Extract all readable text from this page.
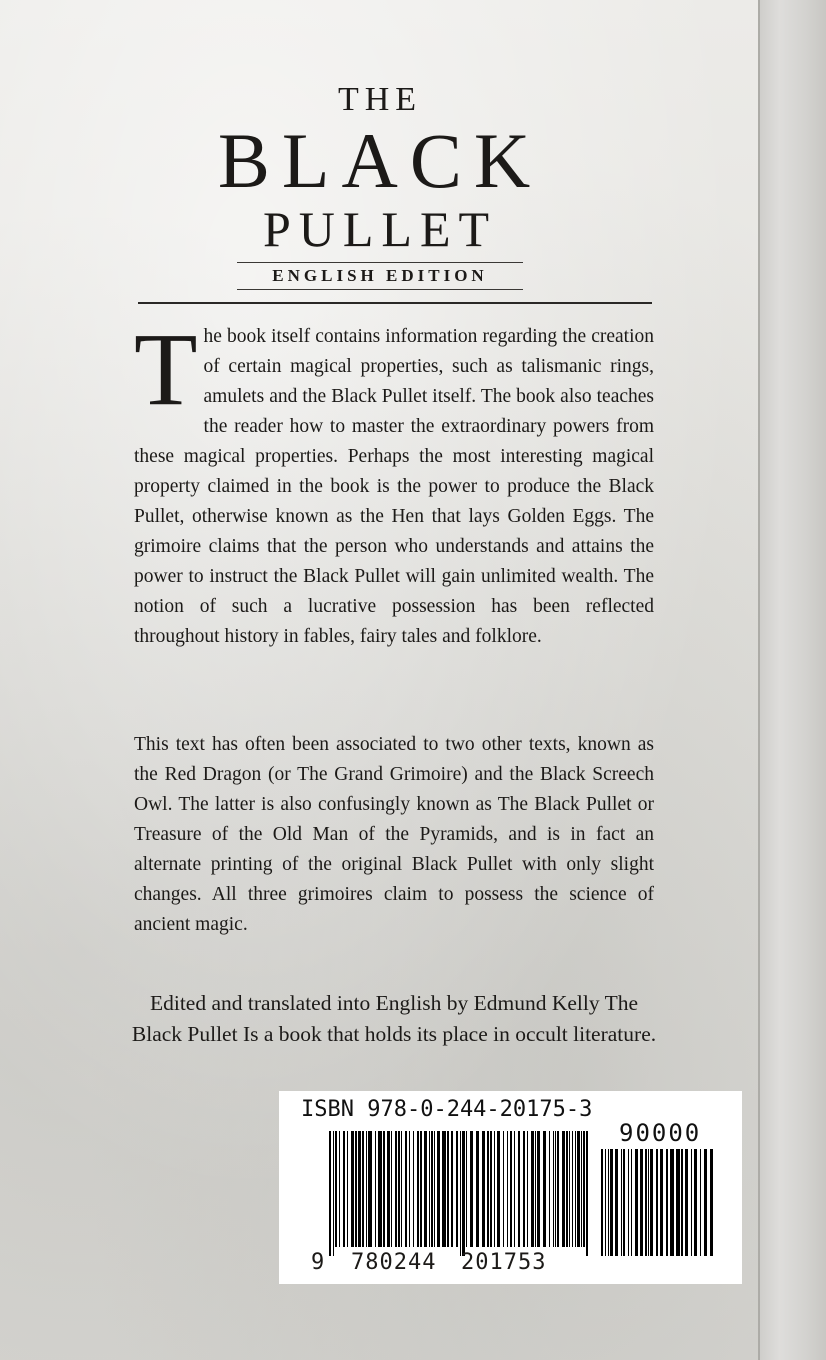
THE
BLACK
PULLET
ENGLISH EDITION
The book itself contains information regarding the creation of certain magical properties, such as talismanic rings, amulets and the Black Pullet itself. The book also teaches the reader how to master the extraordinary powers from these magical properties. Perhaps the most interesting magical property claimed in the book is the power to produce the Black Pullet, otherwise known as the Hen that lays Golden Eggs. The grimoire claims that the person who understands and attains the power to instruct the Black Pullet will gain unlimited wealth. The notion of such a lucrative possession has been reflected throughout history in fables, fairy tales and folklore.
This text has often been associated to two other texts, known as the Red Dragon (or The Grand Grimoire) and the Black Screech Owl. The latter is also confusingly known as The Black Pullet or Treasure of the Old Man of the Pyramids, and is in fact an alternate printing of the original Black Pullet with only slight changes. All three grimoires claim to possess the science of ancient magic.
Edited and translated into English by Edmund Kelly The Black Pullet Is a book that holds its place in occult literature.
ISBN 978-0-244-20175-3
90000
9 780244 201753
